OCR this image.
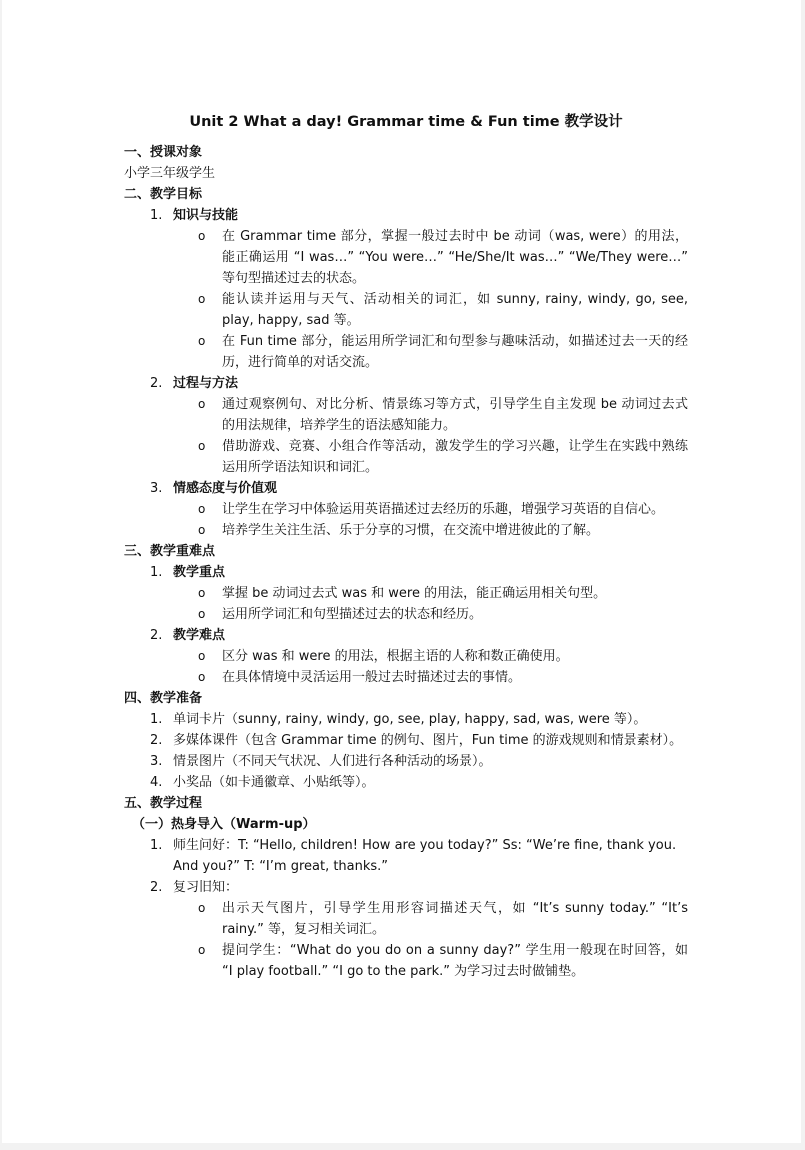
Unit 2 What a day! Grammar time & Fun time 教学设计
一、授课对象
小学三年级学生
二、教学目标
1. 知识与技能
o 在 Grammar time 部分，掌握一般过去时中 be 动词（was, were）的用法，能正确运用 “I was…” “You were…” “He/She/It was…” “We/They were…” 等句型描述过去的状态。
o 能认读并运用与天气、活动相关的词汇，如 sunny, rainy, windy, go, see, play, happy, sad 等。
o 在 Fun time 部分，能运用所学词汇和句型参与趣味活动，如描述过去一天的经历，进行简单的对话交流。
2. 过程与方法
o 通过观察例句、对比分析、情景练习等方式，引导学生自主发现 be 动词过去式的用法规律，培养学生的语法感知能力。
o 借助游戏、竞赛、小组合作等活动，激发学生的学习兴趣，让学生在实践中熟练运用所学语法知识和词汇。
3. 情感态度与价值观
o 让学生在学习中体验运用英语描述过去经历的乐趣，增强学习英语的自信心。
o 培养学生关注生活、乐于分享的习惯，在交流中增进彼此的了解。
三、教学重难点
1. 教学重点
o 掌握 be 动词过去式 was 和 were 的用法，能正确运用相关句型。
o 运用所学词汇和句型描述过去的状态和经历。
2. 教学难点
o 区分 was 和 were 的用法，根据主语的人称和数正确使用。
o 在具体情境中灵活运用一般过去时描述过去的事情。
四、教学准备
1. 单词卡片（sunny, rainy, windy, go, see, play, happy, sad, was, were 等）。
2. 多媒体课件（包含 Grammar time 的例句、图片，Fun time 的游戏规则和情景素材）。
3. 情景图片（不同天气状况、人们进行各种活动的场景）。
4. 小奖品（如卡通徽章、小贴纸等）。
五、教学过程
（一）热身导入（Warm-up）
1. 师生问好：T: “Hello, children! How are you today?” Ss: “We’re fine, thank you. And you?” T: “I’m great, thanks.”
2. 复习旧知：
o 出示天气图片，引导学生用形容词描述天气，如 “It’s sunny today.” “It’s rainy.” 等，复习相关词汇。
o 提问学生：“What do you do on a sunny day?” 学生用一般现在时回答，如 “I play football.” “I go to the park.” 为学习过去时做铺垫。
